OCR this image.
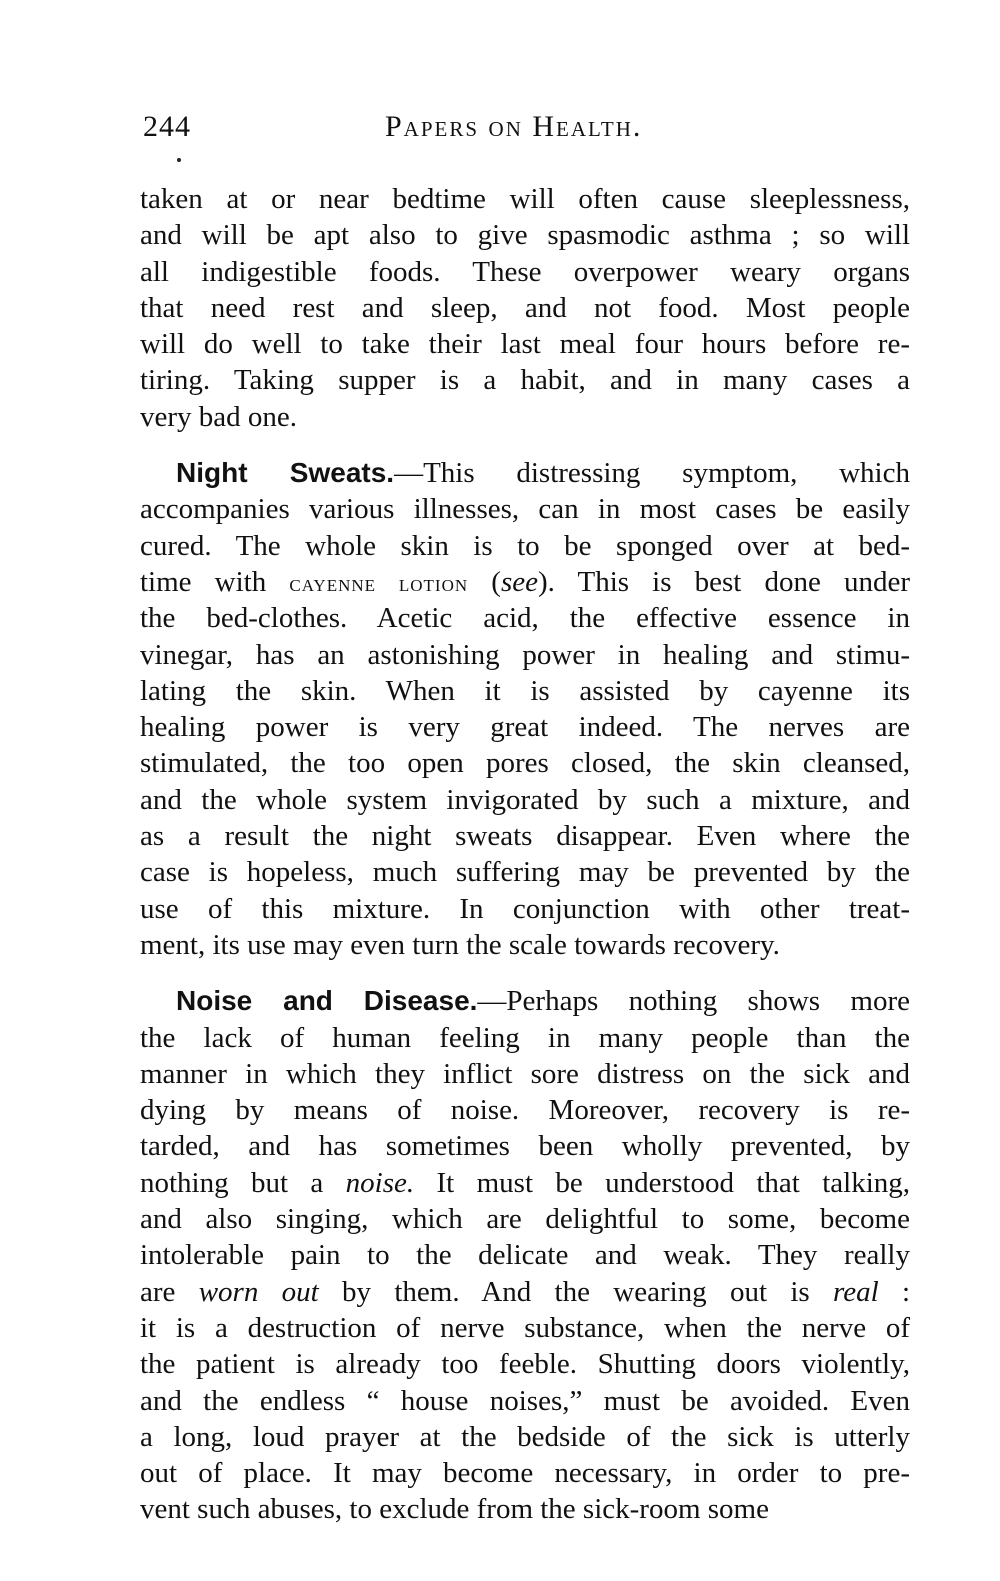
244	Papers on Health.
taken at or near bedtime will often cause sleeplessness,
and will be apt also to give spasmodic asthma ; so will
all indigestible foods. These overpower weary organs
that need rest and sleep, and not food. Most people
will do well to take their last meal four hours before re-
tiring. Taking supper is a habit, and in many cases a
very bad one.
Night Sweats.—This distressing symptom, which
accompanies various illnesses, can in most cases be easily
cured. The whole skin is to be sponged over at bed-
time with cayenne lotion (see). This is best done under
the bed-clothes. Acetic acid, the effective essence in
vinegar, has an astonishing power in healing and stimu-
lating the skin. When it is assisted by cayenne its
healing power is very great indeed. The nerves are
stimulated, the too open pores closed, the skin cleansed,
and the whole system invigorated by such a mixture, and
as a result the night sweats disappear. Even where the
case is hopeless, much suffering may be prevented by the
use of this mixture. In conjunction with other treat-
ment, its use may even turn the scale towards recovery.
Noise and Disease.—Perhaps nothing shows more
the lack of human feeling in many people than the
manner in which they inflict sore distress on the sick and
dying by means of noise. Moreover, recovery is re-
tarded, and has sometimes been wholly prevented, by
nothing but a noise. It must be understood that talking,
and also singing, which are delightful to some, become
intolerable pain to the delicate and weak. They really
are worn out by them. And the wearing out is real :
it is a destruction of nerve substance, when the nerve of
the patient is already too feeble. Shutting doors violently,
and the endless “ house noises,” must be avoided. Even
a long, loud prayer at the bedside of the sick is utterly
out of place. It may become necessary, in order to pre-
vent such abuses, to exclude from the sick-room some
